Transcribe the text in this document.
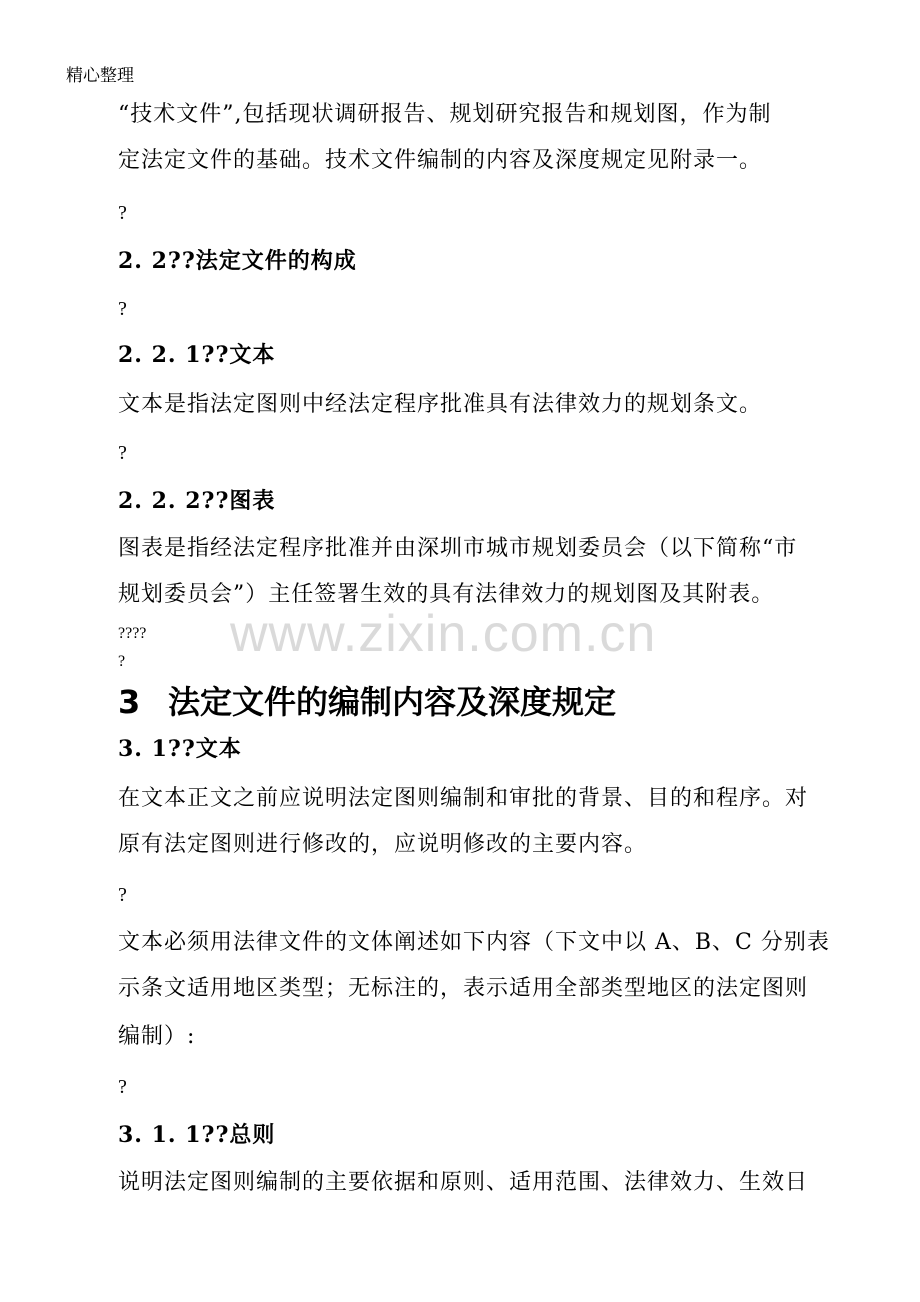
精心整理
www.zixin.com.cn
“技术文件”,包括现状调研报告、规划研究报告和规划图，作为制
定法定文件的基础。技术文件编制的内容及深度规定见附录一。
?
2. 2??法定文件的构成
?
2. 2. 1??文本
文本是指法定图则中经法定程序批准具有法律效力的规划条文。
?
2. 2. 2??图表
图表是指经法定程序批准并由深圳市城市规划委员会（以下简称“市
规划委员会”）主任签署生效的具有法律效力的规划图及其附表。
????
?
3 法定文件的编制内容及深度规定
3. 1??文本
在文本正文之前应说明法定图则编制和审批的背景、目的和程序。对
原有法定图则进行修改的，应说明修改的主要内容。
?
文本必须用法律文件的文体阐述如下内容（下文中以 A、B、C 分别表
示条文适用地区类型；无标注的，表示适用全部类型地区的法定图则
编制）:
?
3. 1. 1??总则
说明法定图则编制的主要依据和原则、适用范围、法律效力、生效日
